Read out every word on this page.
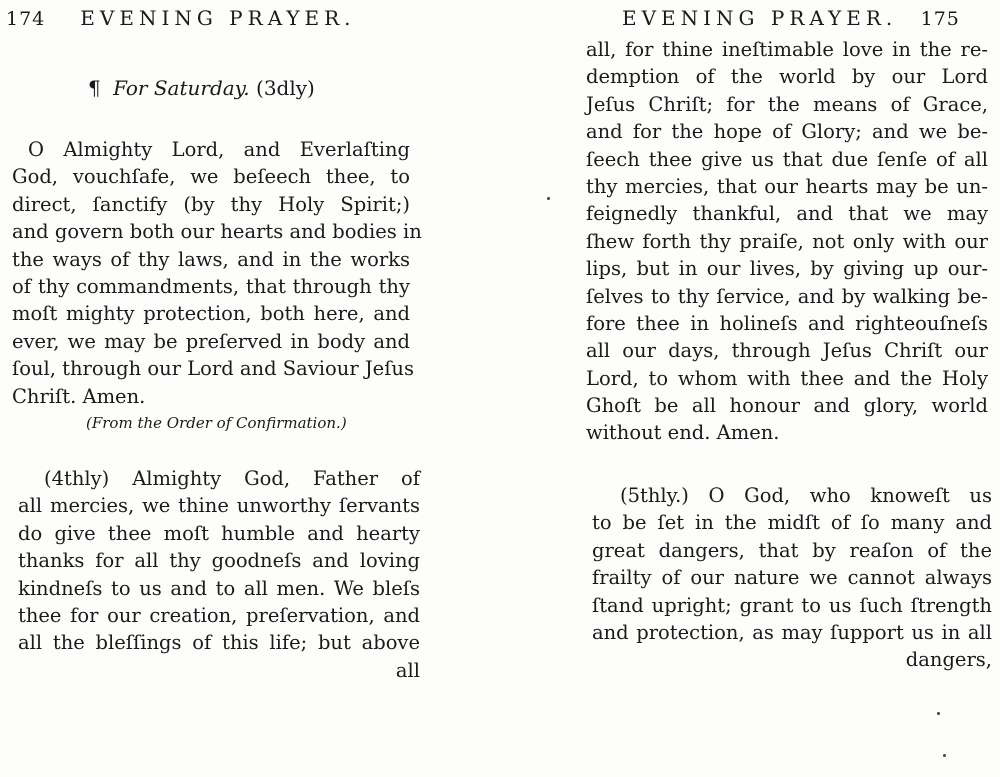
174 EVENING PRAYER.
¶ For Saturday. (3dly)
O Almighty Lord, and Everlaſting
God, vouchſafe, we beſeech thee, to
direct, ſanctify (by thy Holy Spirit;)
and govern both our hearts and bodies in
the ways of thy laws, and in the works
of thy commandments, that through thy
moſt mighty protection, both here, and
ever, we may be preſerved in body and
ſoul, through our Lord and Saviour Jeſus
Chriſt. Amen.
(From the Order of Confirmation.)
(4thly) Almighty God, Father of
all mercies, we thine unworthy ſervants
do give thee moſt humble and hearty
thanks for all thy goodneſs and loving
kindneſs to us and to all men. We bleſs
thee for our creation, preſervation, and
all the bleſſings of this life; but above
all
EVENING PRAYER. 175
all, for thine ineſtimable love in the re-
demption of the world by our Lord
Jeſus Chriſt; for the means of Grace,
and for the hope of Glory; and we be-
ſeech thee give us that due ſenſe of all
thy mercies, that our hearts may be un-
feignedly thankful, and that we may
ſhew forth thy praiſe, not only with our
lips, but in our lives, by giving up our-
ſelves to thy ſervice, and by walking be-
fore thee in holineſs and righteouſneſs
all our days, through Jeſus Chriſt our
Lord, to whom with thee and the Holy
Ghoſt be all honour and glory, world
without end. Amen.
(5thly.) O God, who knoweſt us
to be ſet in the midſt of ſo many and
great dangers, that by reaſon of the
frailty of our nature we cannot always
ſtand upright; grant to us ſuch ſtrength
and protection, as may ſupport us in all
dangers,
